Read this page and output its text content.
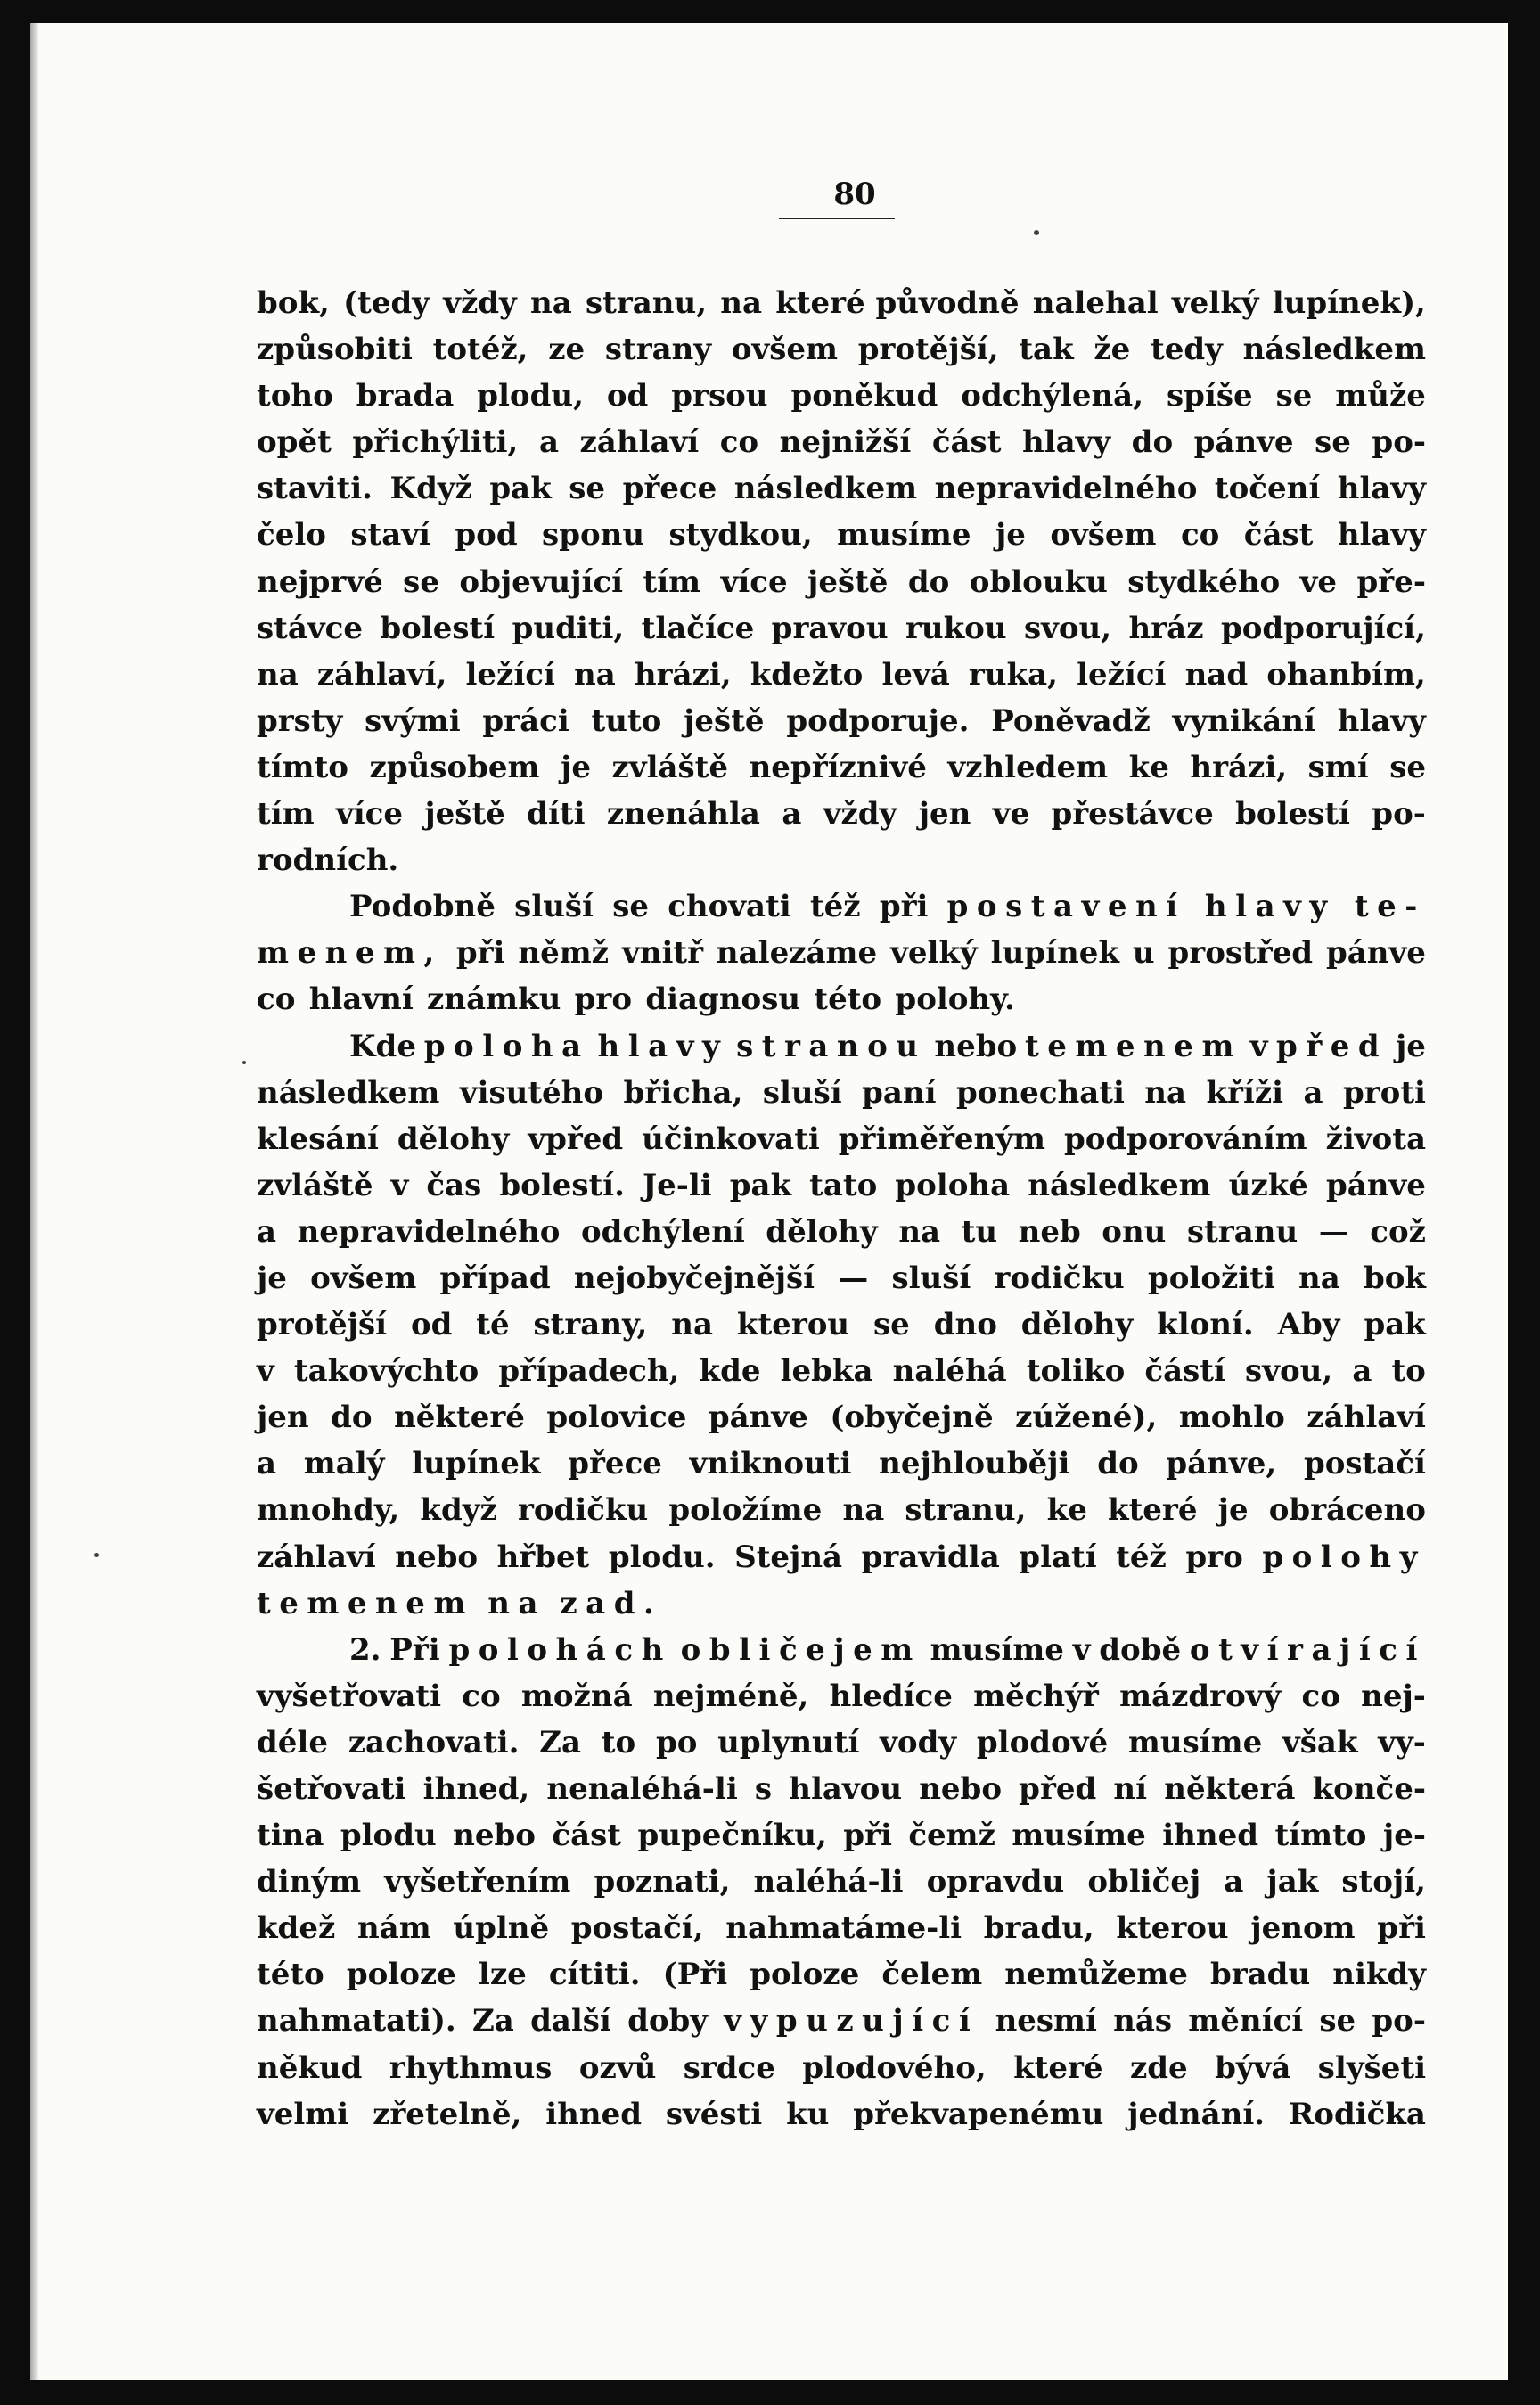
80
bok, (tedy vždy na stranu, na které původně nalehal velký lupínek),
způsobiti totéž, ze strany ovšem protější, tak že tedy následkem
toho brada plodu, od prsou poněkud odchýlená, spíše se může
opět přichýliti, a záhlaví co nejnižší část hlavy do pánve se po-
staviti. Když pak se přece následkem nepravidelného točení hlavy
čelo staví pod sponu stydkou, musíme je ovšem co část hlavy
nejprvé se objevující tím více ještě do oblouku stydkého ve pře-
stávce bolestí puditi, tlačíce pravou rukou svou, hráz podporující,
na záhlaví, ležící na hrázi, kdežto levá ruka, ležící nad ohanbím,
prsty svými práci tuto ještě podporuje. Poněvadž vynikání hlavy
tímto způsobem je zvláště nepříznivé vzhledem ke hrázi, smí se
tím více ještě díti znenáhla a vždy jen ve přestávce bolestí po-
rodních.
Podobně sluší se chovati též při postavení hlavy te-
menem, při němž vnitř nalezáme velký lupínek u prostřed pánve
co hlavní známku pro diagnosu této polohy.
Kde poloha hlavy stranou nebo temenem vpřed je
následkem visutého břicha, sluší paní ponechati na kříži a proti
klesání dělohy vpřed účinkovati přiměřeným podporováním života
zvláště v čas bolestí. Je-li pak tato poloha následkem úzké pánve
a nepravidelného odchýlení dělohy na tu neb onu stranu — což
je ovšem případ nejobyčejnější — sluší rodičku položiti na bok
protější od té strany, na kterou se dno dělohy kloní. Aby pak
v takovýchto případech, kde lebka naléhá toliko částí svou, a to
jen do některé polovice pánve (obyčejně zúžené), mohlo záhlaví
a malý lupínek přece vniknouti nejhlouběji do pánve, postačí
mnohdy, když rodičku položíme na stranu, ke které je obráceno
záhlaví nebo hřbet plodu. Stejná pravidla platí též pro polohy
temenem na zad.
2. Při polohách obličejem musíme v době otvírající
vyšetřovati co možná nejméně, hledíce měchýř mázdrový co nej-
déle zachovati. Za to po uplynutí vody plodové musíme však vy-
šetřovati ihned, nenaléhá-li s hlavou nebo před ní některá konče-
tina plodu nebo část pupečníku, při čemž musíme ihned tímto je-
diným vyšetřením poznati, naléhá-li opravdu obličej a jak stojí,
kdež nám úplně postačí, nahmatáme-li bradu, kterou jenom při
této poloze lze cítiti. (Při poloze čelem nemůžeme bradu nikdy
nahmatati). Za další doby vypuzující nesmí nás měnící se po-
někud rhythmus ozvů srdce plodového, které zde bývá slyšeti
velmi zřetelně, ihned svésti ku překvapenému jednání. Rodička
